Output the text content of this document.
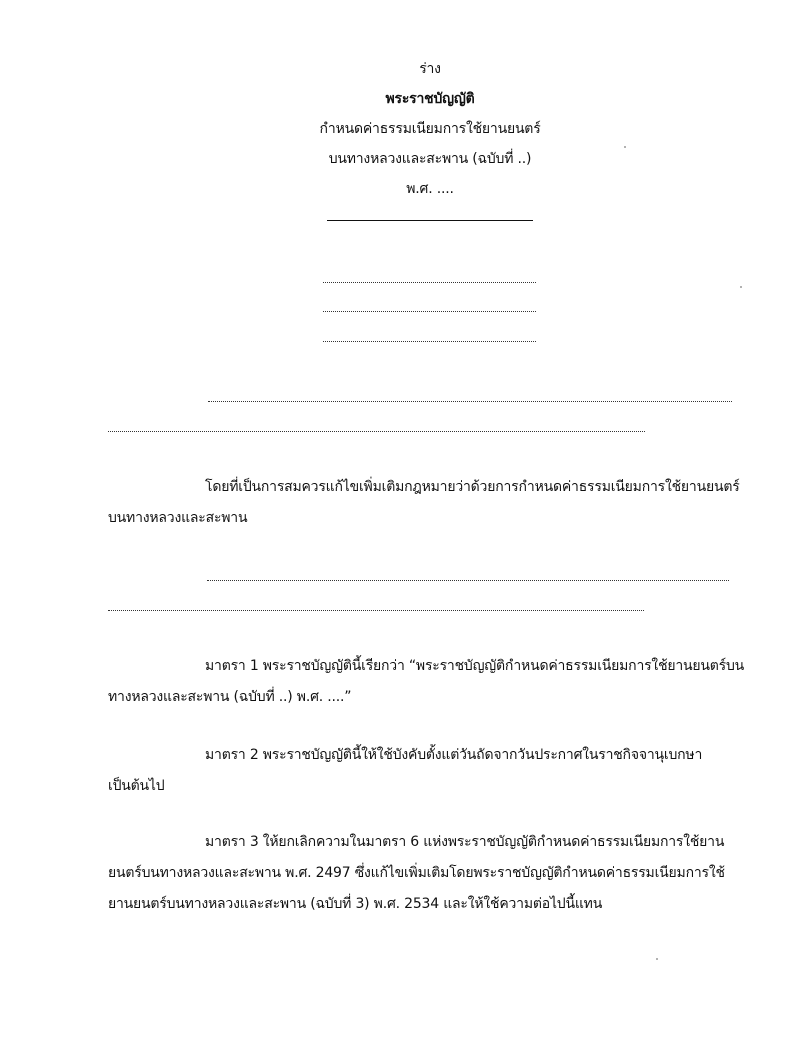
ร่าง
พระราชบัญญัติ
กำหนดค่าธรรมเนียมการใช้ยานยนตร์
บนทางหลวงและสะพาน (ฉบับที่ ..)
พ.ศ. ....
โดยที่เป็นการสมควรแก้ไขเพิ่มเติมกฎหมายว่าด้วยการกำหนดค่าธรรมเนียมการใช้ยานยนตร์
บนทางหลวงและสะพาน
มาตรา 1 พระราชบัญญัตินี้เรียกว่า “พระราชบัญญัติกำหนดค่าธรรมเนียมการใช้ยานยนตร์บน
ทางหลวงและสะพาน (ฉบับที่ ..) พ.ศ. ....”
มาตรา 2 พระราชบัญญัตินี้ให้ใช้บังคับตั้งแต่วันถัดจากวันประกาศในราชกิจจานุเบกษา
เป็นต้นไป
มาตรา 3 ให้ยกเลิกความในมาตรา 6 แห่งพระราชบัญญัติกำหนดค่าธรรมเนียมการใช้ยาน
ยนตร์บนทางหลวงและสะพาน พ.ศ. 2497 ซึ่งแก้ไขเพิ่มเติมโดยพระราชบัญญัติกำหนดค่าธรรมเนียมการใช้
ยานยนตร์บนทางหลวงและสะพาน (ฉบับที่ 3) พ.ศ. 2534 และให้ใช้ความต่อไปนี้แทน
